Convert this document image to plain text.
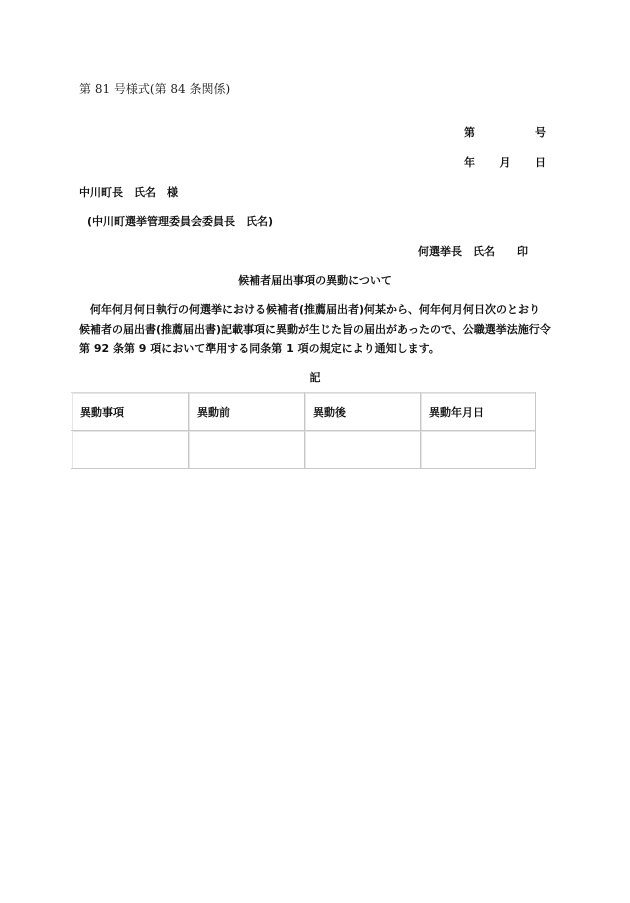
第 81 号様式(第 84 条関係)
第	号
年 月 日
中川町長　氏名　様
(中川町選挙管理委員会委員長　氏名)
何選挙長　氏名　　印
候補者届出事項の異動について
何年何月何日執行の何選挙における候補者(推薦届出者)何某から、何年何月何日次のとおり候補者の届出書(推薦届出書)記載事項に異動が生じた旨の届出があったので、公職選挙法施行令第 92 条第 9 項において準用する同条第 1 項の規定により通知します。
記
異動事項	異動前	異動後	異動年月日
